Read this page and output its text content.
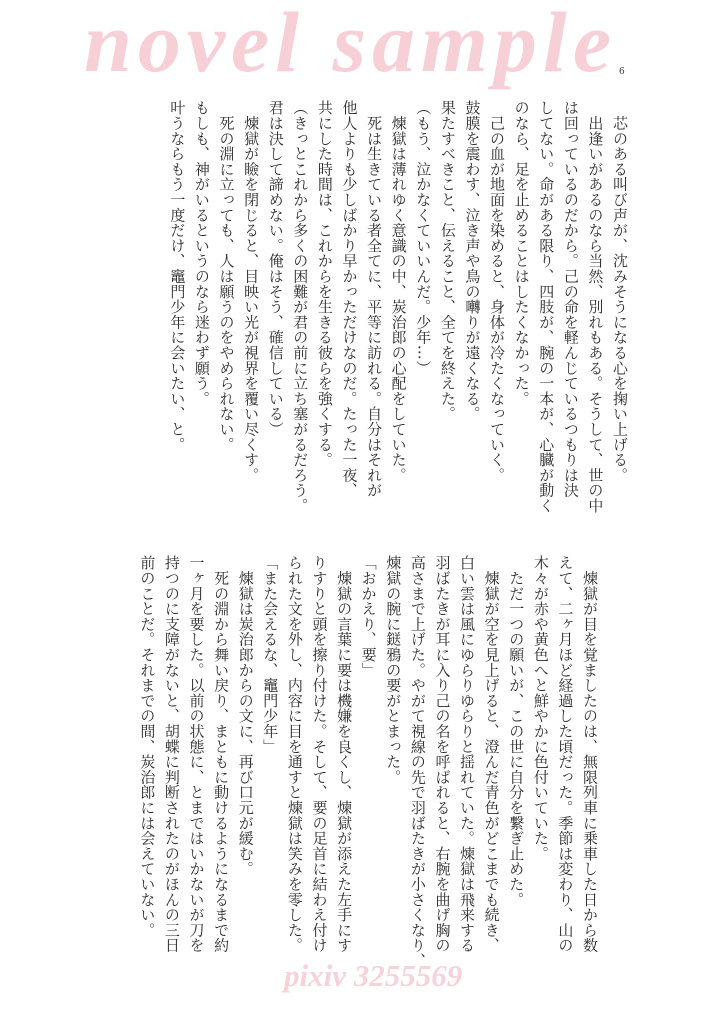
novel sample 6
　芯のある叫び声が、沈みそうになる心を掬い上げる。
　出逢いがあるのなら当然、別れもある。そうして、世の中
は回っているのだから。己の命を軽んじているつもりは決
してない。命がある限り、四肢が、腕の一本が、心臓が動く
のなら、足を止めることはしたくなかった。
　己の血が地面を染めると、身体が冷たくなっていく。
鼓膜を震わす、泣き声や鳥の囀りが遠くなる。
果たすべきこと、伝えること、全てを終えた。
（もう、泣かなくていいんだ。少年…）
　煉獄は薄れゆく意識の中、炭治郎の心配をしていた。
　死は生きている者全てに、平等に訪れる。自分はそれが
他人よりも少しばかり早かっただけなのだ。たった一夜、
共にした時間は、これからを生きる彼らを強くする。
（きっとこれから多くの困難が君の前に立ち塞がるだろう。
君は決して諦めない。俺はそう、確信している）
　煉獄が瞼を閉じると、目映い光が視界を覆い尽くす。
　死の淵に立っても、人は願うのをやめられない。
もしも、神がいるというのなら迷わず願う。
叶うならもう一度だけ、竈門少年に会いたい、と。
　煉獄が目を覚ましたのは、無限列車に乗車した日から数
えて、二ヶ月ほど経過した頃だった。季節は変わり、山の
木々が赤や黄色へと鮮やかに色付いていた。
　ただ一つの願いが、この世に自分を繋ぎ止めた。
　煉獄が空を見上げると、澄んだ青色がどこまでも続き、
白い雲は風にゆらりゆらりと揺れていた。煉獄は飛来する
羽ばたきが耳に入り己の名を呼ばれると、右腕を曲げ胸の
高さまで上げた。やがて視線の先で羽ばたきが小さくなり、
煉獄の腕に鎹鴉の要がとまった。
「おかえり、要」
　煉獄の言葉に要は機嫌を良くし、煉獄が添えた左手にす
りすりと頭を擦り付けた。そして、要の足首に結わえ付け
られた文を外し、内容に目を通すと煉獄は笑みを零した。
「また会えるな、竈門少年」
　煉獄は炭治郎からの文に、再び口元が緩む。
　死の淵から舞い戻り、まともに動けるようになるまで約
一ヶ月を要した。以前の状態に、とまではいかないが刀を
持つのに支障がないと、胡蝶に判断されたのがほんの三日
前のことだ。それまでの間、炭治郎には会えていない。
pixiv 3255569
